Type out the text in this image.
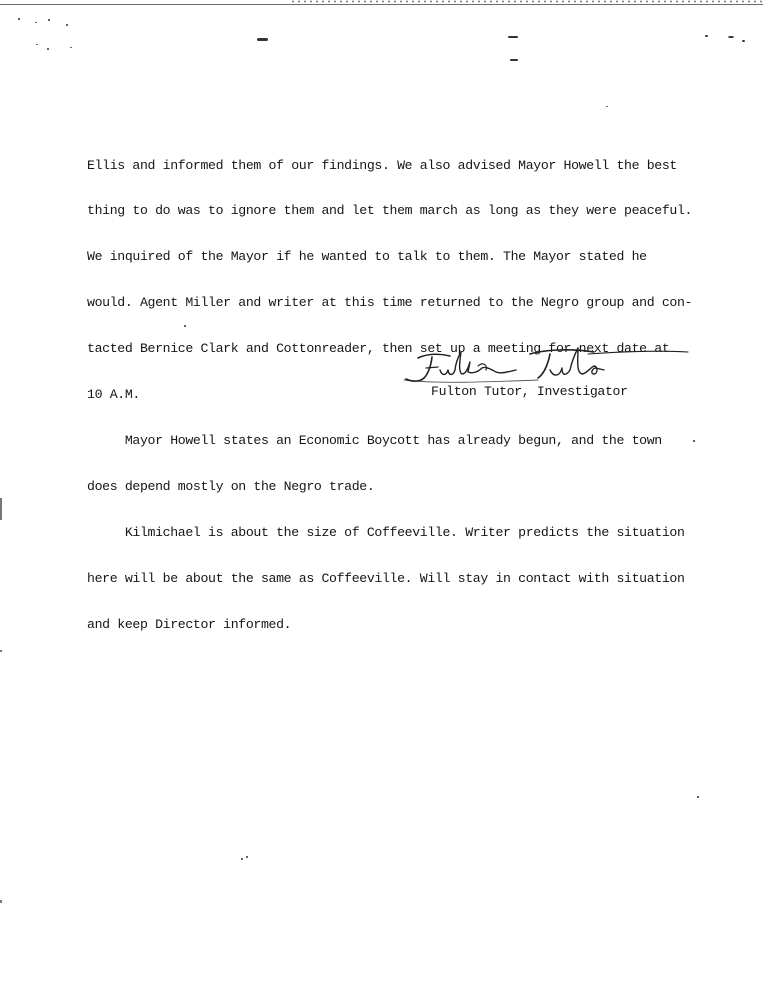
Ellis and informed them of our findings. We also advised Mayor Howell the best

thing to do was to ignore them and let them march as long as they were peaceful.

We inquired of the Mayor if he wanted to talk to them. The Mayor stated he

would. Agent Miller and writer at this time returned to the Negro group and con-

tacted Bernice Clark and Cottonreader, then set up a meeting for next date at

10 A.M.

Mayor Howell states an Economic Boycott has already begun, and the town

does depend mostly on the Negro trade.

Kilmichael is about the size of Coffeeville. Writer predicts the situation

here will be about the same as Coffeeville. Will stay in contact with situation

and keep Director informed.

Fulton Tutor, Investigator
